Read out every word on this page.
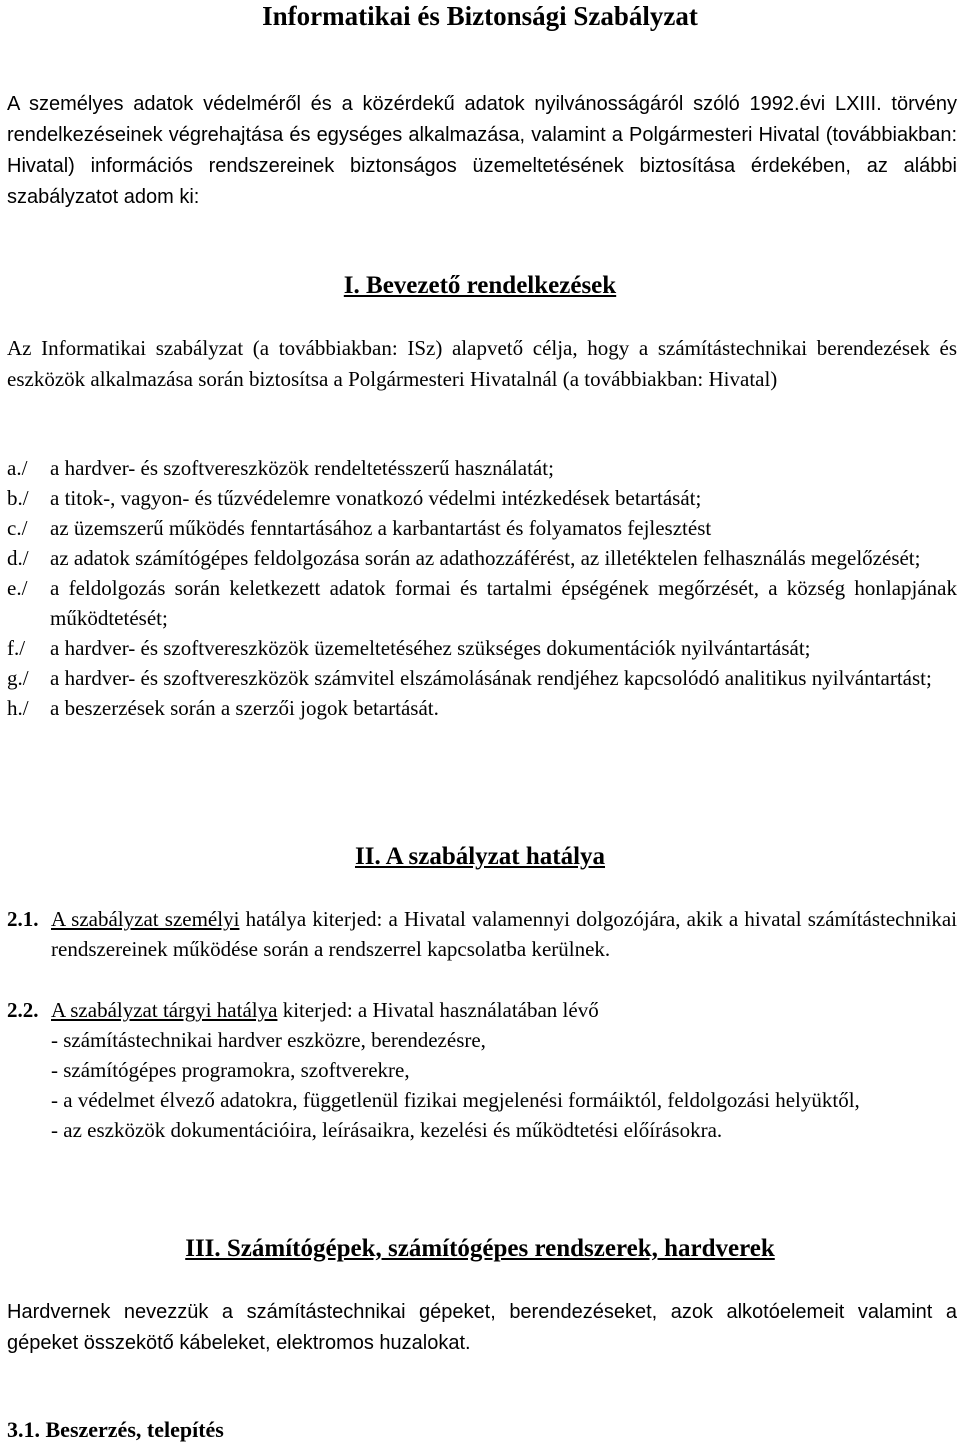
Informatikai és Biztonsági Szabályzat

A személyes adatok védelméről és a közérdekű adatok nyilvánosságáról szóló 1992.évi LXIII. törvény rendelkezéseinek végrehajtása és egységes alkalmazása, valamint a Polgármesteri Hivatal (továbbiakban: Hivatal) információs rendszereinek biztonságos üzemeltetésének biztosítása érdekében, az alábbi szabályzatot adom ki:

I. Bevezető rendelkezések

Az Informatikai szabályzat (a továbbiakban: ISz) alapvető célja, hogy a számítástechnikai berendezések és eszközök alkalmazása során biztosítsa a Polgármesteri Hivatalnál (a továbbiakban: Hivatal)

a./ a hardver- és szoftvereszközök rendeltetésszerű használatát;
b./ a titok-, vagyon- és tűzvédelemre vonatkozó védelmi intézkedések betartását;
c./ az üzemszerű működés fenntartásához a karbantartást és folyamatos fejlesztést
d./ az adatok számítógépes feldolgozása során az adathozzáférést, az illetéktelen felhasználás megelőzését;
e./ a feldolgozás során keletkezett adatok formai és tartalmi épségének megőrzését, a község honlapjának működtetését;
f./ a hardver- és szoftvereszközök üzemeltetéséhez szükséges dokumentációk nyilvántartását;
g./ a hardver- és szoftvereszközök számvitel elszámolásának rendjéhez kapcsolódó analitikus nyilvántartást;
h./ a beszerzések során a szerzői jogok betartását.
II. A szabályzat hatálya
2.1. A szabályzat személyi hatálya kiterjed: a Hivatal valamennyi dolgozójára, akik a hivatal számítástechnikai rendszereinek működése során a rendszerrel kapcsolatba kerülnek.
2.2. A szabályzat tárgyi hatálya kiterjed: a Hivatal használatában lévő
- számítástechnikai hardver eszközre, berendezésre,
- számítógépes programokra, szoftverekre,
- a védelmet élvező adatokra, függetlenül fizikai megjelenési formáiktól, feldolgozási helyüktől,
- az eszközök dokumentációira, leírásaikra, kezelési és működtetési előírásokra.
III. Számítógépek, számítógépes rendszerek, hardverek

Hardvernek nevezzük a számítástechnikai gépeket, berendezéseket, azok alkotóelemeit valamint a gépeket összekötő kábeleket, elektromos huzalokat.

3.1. Beszerzés, telepítés
